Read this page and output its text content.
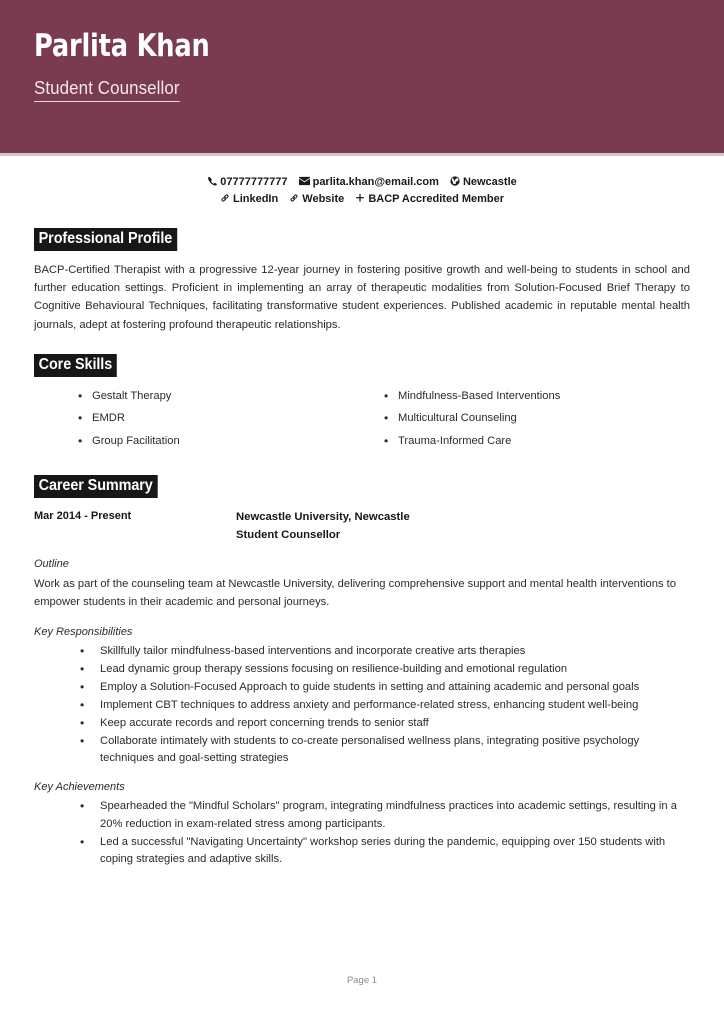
Parlita Khan
Student Counsellor
07777777777 parlita.khan@email.com Newcastle
LinkedIn Website BACP Accredited Member
Professional Profile

BACP-Certified Therapist with a progressive 12-year journey in fostering positive growth and well-being to students in school and further education settings. Proficient in implementing an array of therapeutic modalities from Solution-Focused Brief Therapy to Cognitive Behavioural Techniques, facilitating transformative student experiences. Published academic in reputable mental health journals, adept at fostering profound therapeutic relationships.

Core Skills
• Gestalt Therapy
• EMDR
• Group Facilitation
• Mindfulness-Based Interventions
• Multicultural Counseling
• Trauma-Informed Care
Career Summary
Mar 2014 - Present	Newcastle University, Newcastle
Student Counsellor
Outline

Work as part of the counseling team at Newcastle University, delivering comprehensive support and mental health interventions to empower students in their academic and personal journeys.

Key Responsibilities
• Skillfully tailor mindfulness-based interventions and incorporate creative arts therapies
• Lead dynamic group therapy sessions focusing on resilience-building and emotional regulation
• Employ a Solution-Focused Approach to guide students in setting and attaining academic and personal goals
• Implement CBT techniques to address anxiety and performance-related stress, enhancing student well-being
• Keep accurate records and report concerning trends to senior staff
• Collaborate intimately with students to co-create personalised wellness plans, integrating positive psychology techniques and goal-setting strategies
Key Achievements
• Spearheaded the "Mindful Scholars" program, integrating mindfulness practices into academic settings, resulting in a 20% reduction in exam-related stress among participants.
• Led a successful "Navigating Uncertainty" workshop series during the pandemic, equipping over 150 students with coping strategies and adaptive skills.
Page 1
